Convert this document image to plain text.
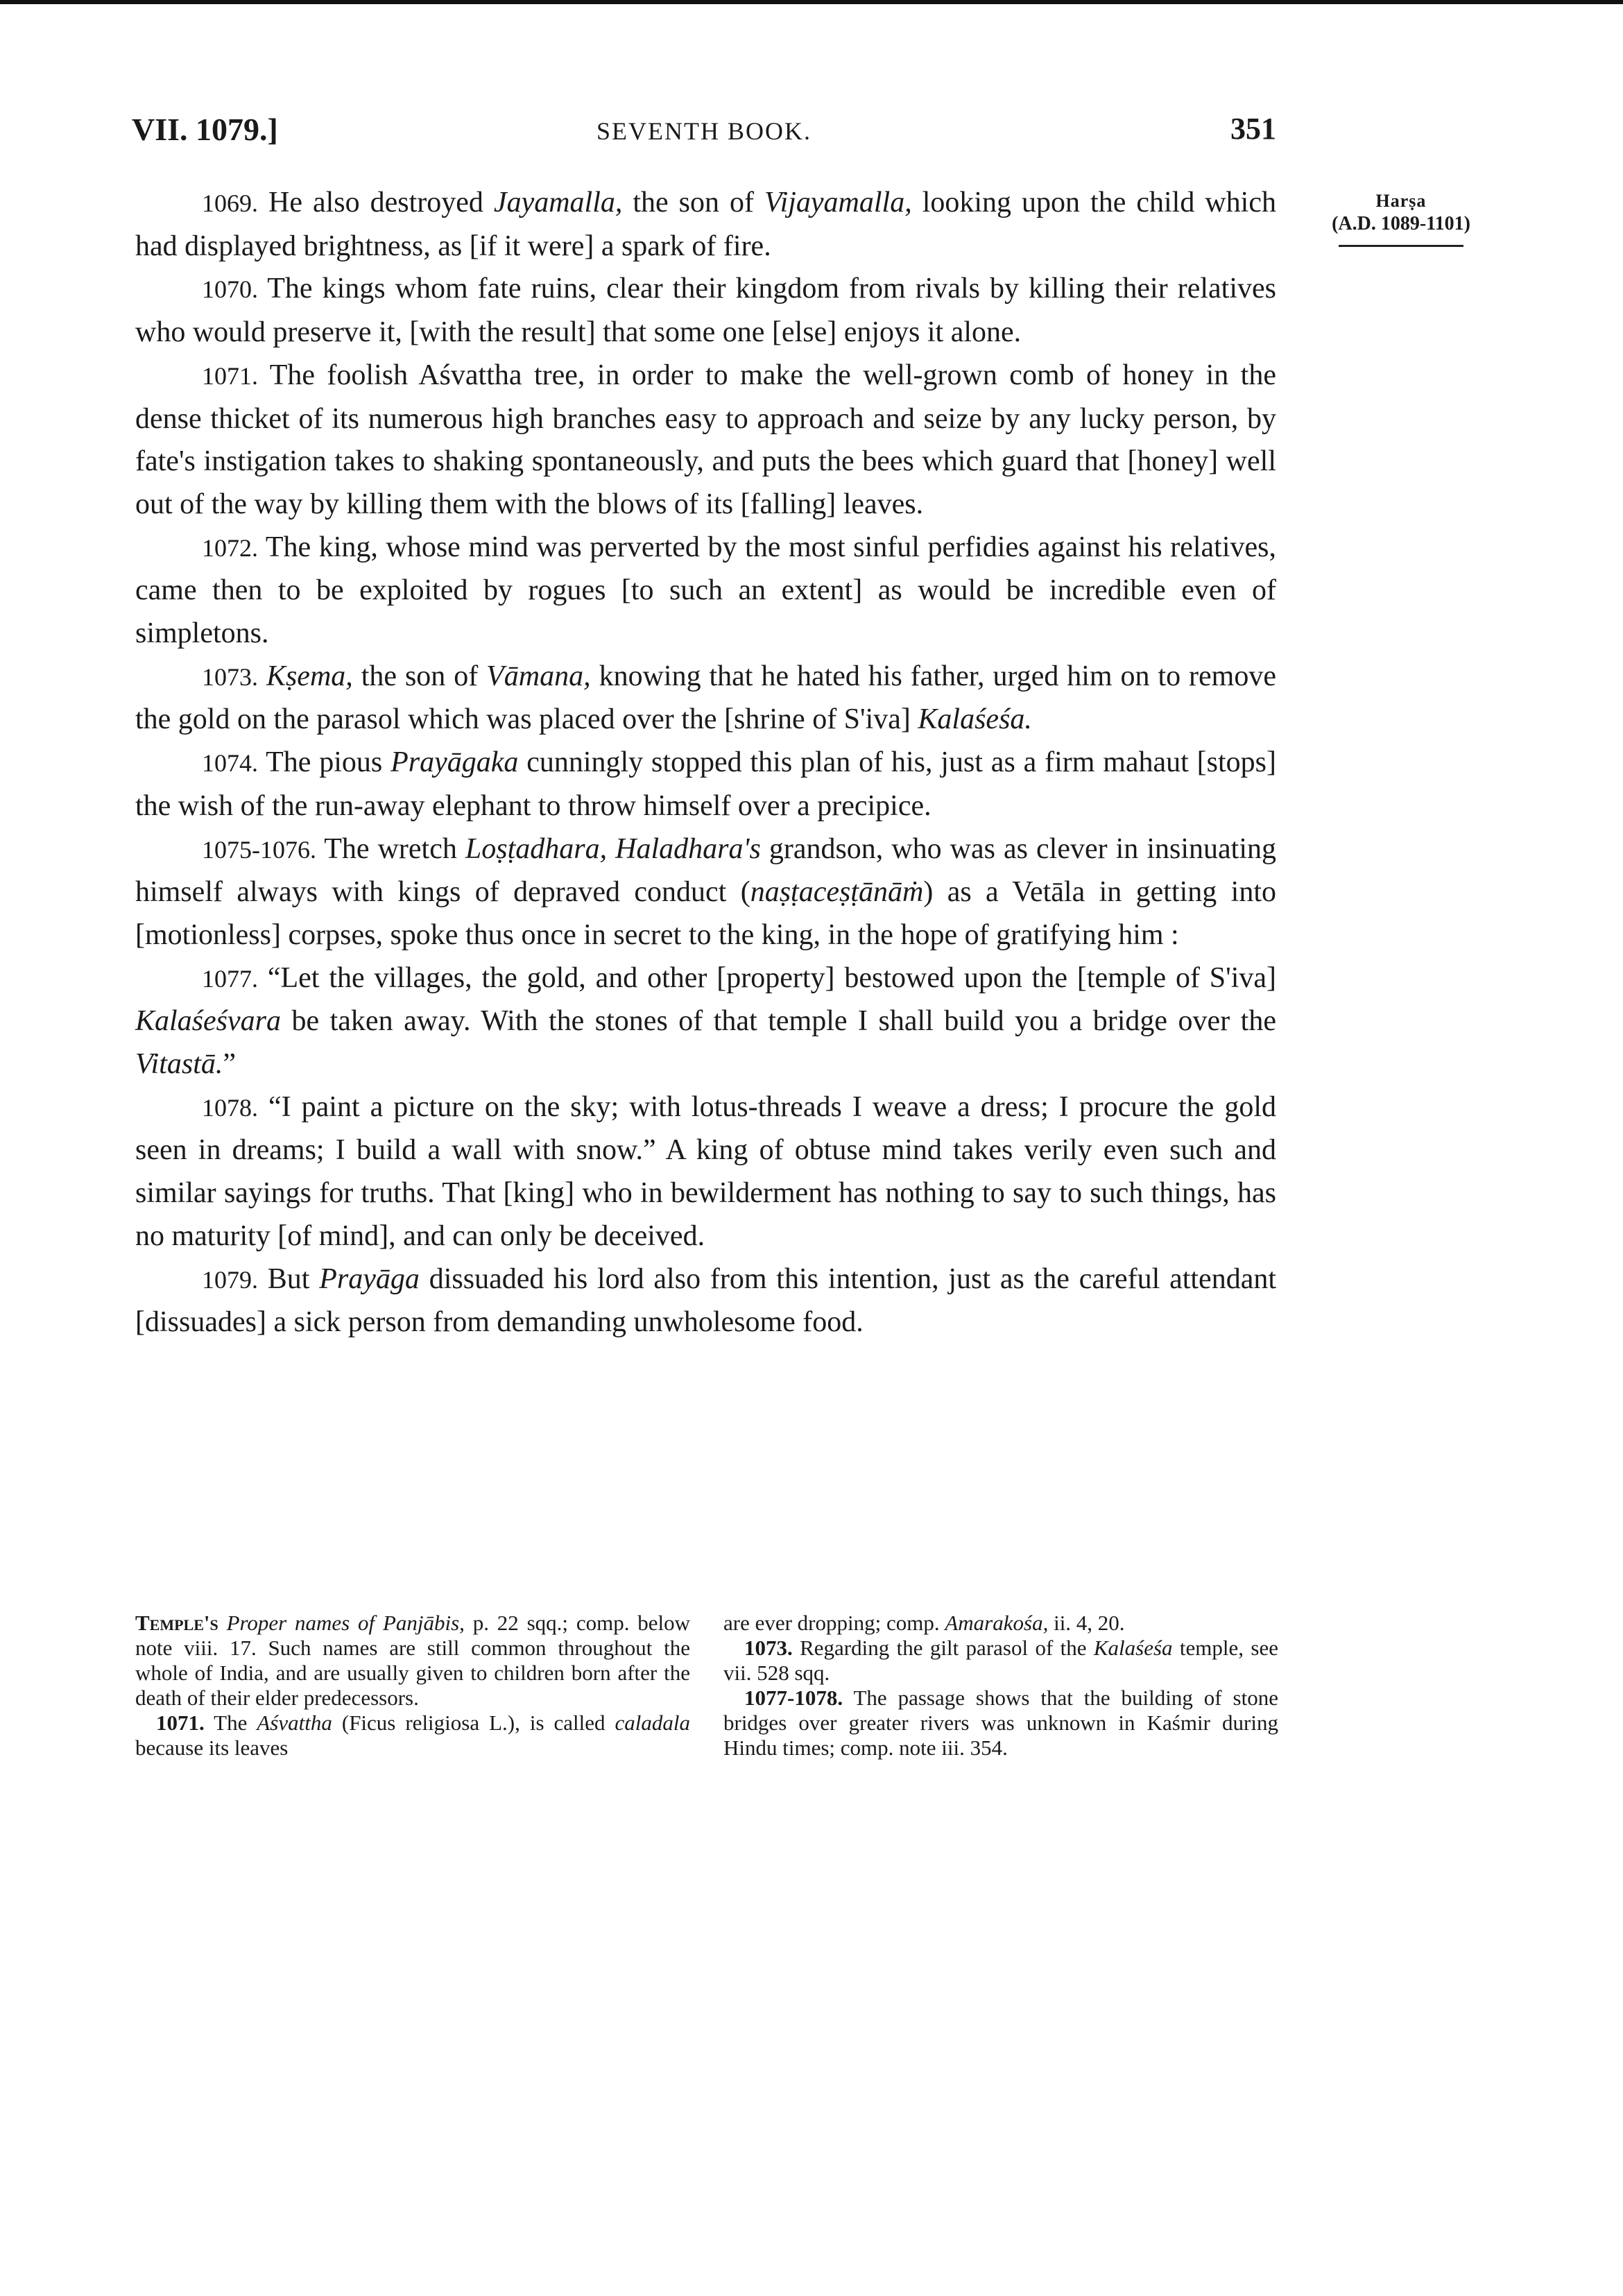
VII. 1079.]	SEVENTH BOOK.	351
Harṣa
(A.D. 1089-1101)

1069. He also destroyed Jayamalla, the son of Vijayamalla, looking upon the child which had displayed brightness, as [if it were] a spark of fire.

1070. The kings whom fate ruins, clear their kingdom from rivals by killing their relatives who would preserve it, [with the result] that some one [else] enjoys it alone.

1071. The foolish Aśvattha tree, in order to make the well-grown comb of honey in the dense thicket of its numerous high branches easy to approach and seize by any lucky person, by fate's instigation takes to shaking spontaneously, and puts the bees which guard that [honey] well out of the way by killing them with the blows of its [falling] leaves.

1072. The king, whose mind was perverted by the most sinful perfidies against his relatives, came then to be exploited by rogues [to such an extent] as would be incredible even of simpletons.

1073. Kṣema, the son of Vāmana, knowing that he hated his father, urged him on to remove the gold on the parasol which was placed over the [shrine of S'iva] Kalaśeśa.

1074. The pious Prayāgaka cunningly stopped this plan of his, just as a firm mahaut [stops] the wish of the run-away elephant to throw himself over a precipice.

1075-1076. The wretch Loṣṭadhara, Haladhara's grandson, who was as clever in insinuating himself always with kings of depraved conduct (naṣṭaceṣṭānāṁ) as a Vetāla in getting into [motionless] corpses, spoke thus once in secret to the king, in the hope of gratifying him :

1077. “Let the villages, the gold, and other [property] bestowed upon the [temple of S'iva] Kalaśeśvara be taken away. With the stones of that temple I shall build you a bridge over the Vitastā.”

1078. “I paint a picture on the sky; with lotus-threads I weave a dress; I procure the gold seen in dreams; I build a wall with snow.” A king of obtuse mind takes verily even such and similar sayings for truths. That [king] who in bewilderment has nothing to say to such things, has no maturity [of mind], and can only be deceived.

1079. But Prayāga dissuaded his lord also from this intention, just as the careful attendant [dissuades] a sick person from demanding unwholesome food.

Temple's Proper names of Panjābis, p. 22 sqq.; comp. below note viii. 17. Such names are still common throughout the whole of India, and are usually given to children born after the death of their elder predecessors.

1071. The Aśvattha (Ficus religiosa L.), is called caladala because its leaves

are ever dropping; comp. Amarakośa, ii. 4, 20.

1073. Regarding the gilt parasol of the Kalaśeśa temple, see vii. 528 sqq.

1077-1078. The passage shows that the building of stone bridges over greater rivers was unknown in Kaśmir during Hindu times; comp. note iii. 354.
